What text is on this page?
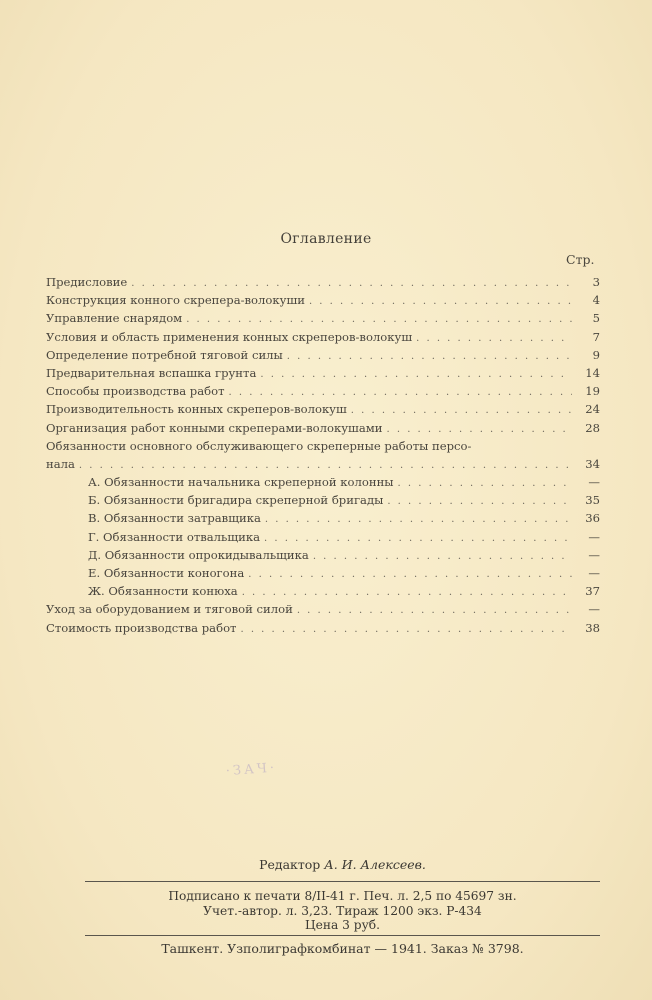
Оглавление
Стр.
Предисловие . . .	3
Конструкция конного скрепера-волокуши . . .	4
Управление снарядом . . .	5
Условия и область применения конных скреперов-волокуш . . .	7
Определение потребной тяговой силы . . .	9
Предварительная вспашка грунта . . .	14
Способы производства работ . . .	19
Производительность конных скреперов-волокуш . . .	24
Организация работ конными скреперами-волокушами . . .	28
Обязанности основного обслуживающего скреперные работы персо-
нала . . .	34
А. Обязанности начальника скреперной колонны . . .	—
Б. Обязанности бригадира скреперной бригады . . .	35
В. Обязанности затравщика . . .	36
Г. Обязанности отвальщика . . .	—
Д. Обязанности опрокидывальщика . . .	—
Е. Обязанности коногона . . .	—
Ж. Обязанности конюха . . .	37
Уход за оборудованием и тяговой силой . . .	—
Стоимость производства работ . . .	38
·ЗАЧ·
Редактор А. И. Алексеев.
Подписано к печати 8/II-41 г. Печ. л. 2,5 по 45697 зн.
Учет.-автор. л. 3,23. Тираж 1200 экз. Р-434
Цена 3 руб.
Ташкент. Узполиграфкомбинат — 1941. Заказ № 3798.
